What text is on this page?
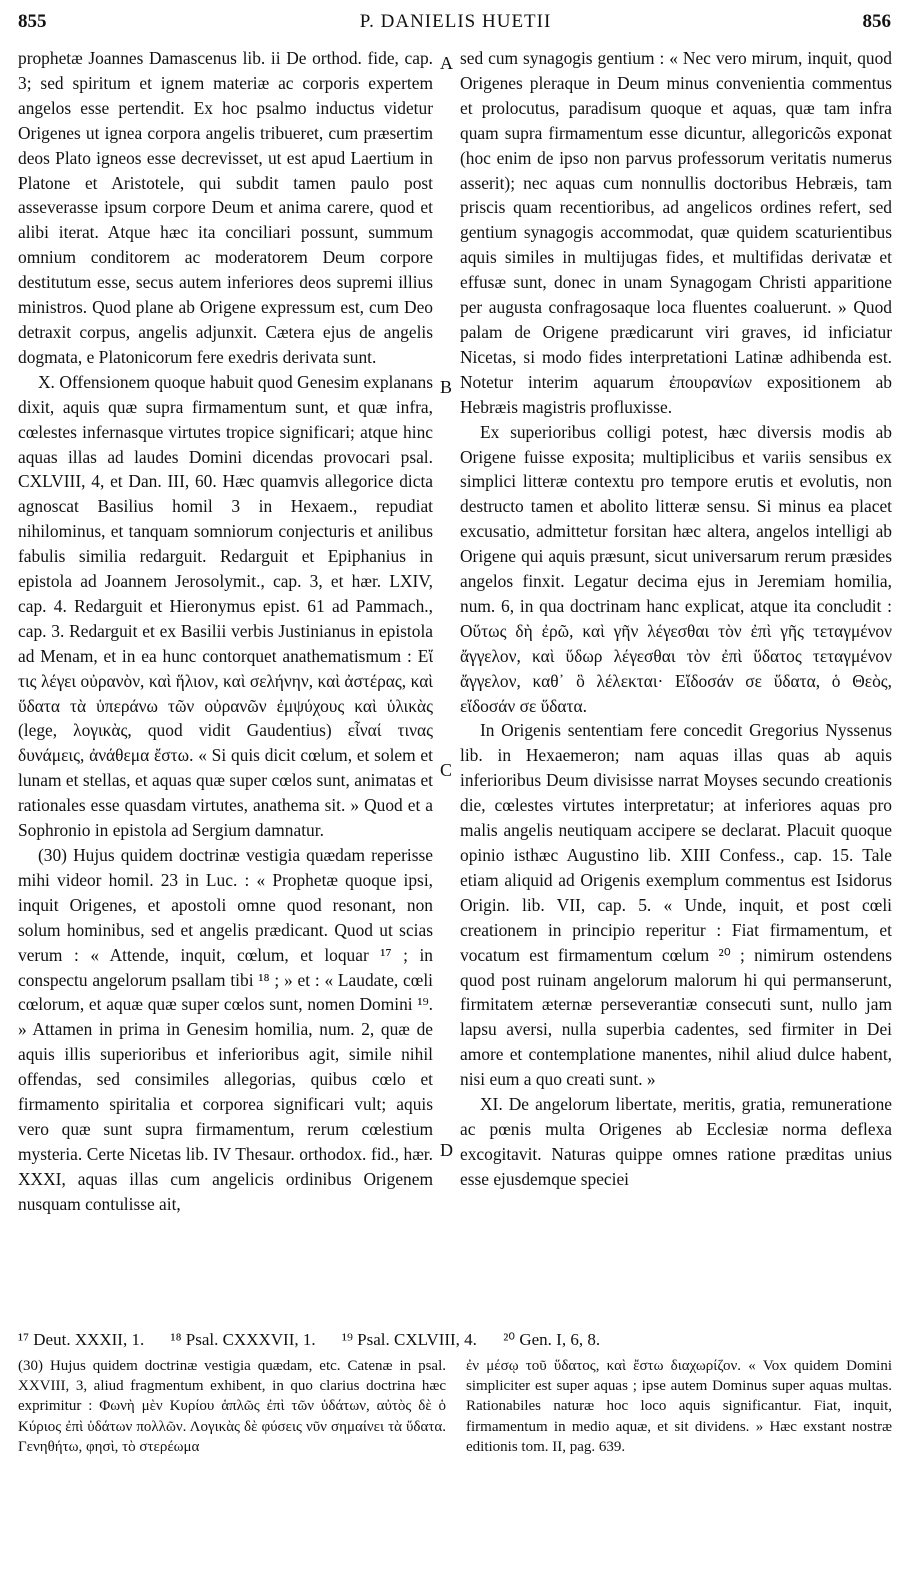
855	P. DANIELIS HUETII	856
A
B
C
D

prophetæ Joannes Damascenus lib. ii De orthod. fide, cap. 3; sed spiritum et ignem materiæ ac corporis expertem angelos esse pertendit. Ex hoc psalmo inductus videtur Origenes ut ignea corpora angelis tribueret, cum præsertim deos Plato igneos esse decrevisset, ut est apud Laertium in Platone et Aristotele, qui subdit tamen paulo post asseverasse ipsum corpore Deum et anima carere, quod et alibi iterat. Atque hæc ita conciliari possunt, summum omnium conditorem ac moderatorem Deum corpore destitutum esse, secus autem inferiores deos supremi illius ministros. Quod plane ab Origene expressum est, cum Deo detraxit corpus, angelis adjunxit. Cætera ejus de angelis dogmata, e Platonicorum fere exedris derivata sunt.

X. Offensionem quoque habuit quod Genesim explanans dixit, aquis quæ supra firmamentum sunt, et quæ infra, cœlestes infernasque virtutes tropice significari; atque hinc aquas illas ad laudes Domini dicendas provocari psal. CXLVIII, 4, et Dan. III, 60. Hæc quamvis allegorice dicta agnoscat Basilius homil 3 in Hexaem., repudiat nihilominus, et tanquam somniorum conjecturis et anilibus fabulis similia redarguit. Redarguit et Epiphanius in epistola ad Joannem Jerosolymit., cap. 3, et hær. LXIV, cap. 4. Redarguit et Hieronymus epist. 61 ad Pammach., cap. 3. Redarguit et ex Basilii verbis Justinianus in epistola ad Menam, et in ea hunc contorquet anathematismum : Εἴ τις λέγει οὐρανὸν, καὶ ἥλιον, καὶ σελήνην, καὶ ἀστέρας, καὶ ὕδατα τὰ ὑπεράνω τῶν οὐρανῶν ἐμψύχους καὶ ὑλικὰς (lege, λογικὰς, quod vidit Gaudentius) εἶναί τινας δυνάμεις, ἀνάθεμα ἔστω. « Si quis dicit cœlum, et solem et lunam et stellas, et aquas quæ super cœlos sunt, animatas et rationales esse quasdam virtutes, anathema sit. » Quod et a Sophronio in epistola ad Sergium damnatur.

(30) Hujus quidem doctrinæ vestigia quædam reperisse mihi videor homil. 23 in Luc. : « Prophetæ quoque ipsi, inquit Origenes, et apostoli omne quod resonant, non solum hominibus, sed et angelis prædicant. Quod ut scias verum : « Attende, inquit, cœlum, et loquar ¹⁷ ; in conspectu angelorum psallam tibi ¹⁸ ; » et : « Laudate, cœli cœlorum, et aquæ quæ super cœlos sunt, nomen Domini ¹⁹. » Attamen in prima in Genesim homilia, num. 2, quæ de aquis illis superioribus et inferioribus agit, simile nihil offendas, sed consimiles allegorias, quibus cœlo et firmamento spiritalia et corporea significari vult; aquis vero quæ sunt supra firmamentum, rerum cœlestium mysteria. Certe Nicetas lib. IV Thesaur. orthodox. fid., hær. XXXI, aquas illas cum angelicis ordinibus Origenem nusquam contulisse ait,

sed cum synagogis gentium : « Nec vero mirum, inquit, quod Origenes pleraque in Deum minus convenientia commentus et prolocutus, paradisum quoque et aquas, quæ tam infra quam supra firmamentum esse dicuntur, allegoricῶs exponat (hoc enim de ipso non parvus professorum veritatis numerus asserit); nec aquas cum nonnullis doctoribus Hebræis, tam priscis quam recentioribus, ad angelicos ordines refert, sed gentium synagogis accommodat, quæ quidem scaturientibus aquis similes in multijugas fides, et multifidas derivatæ et effusæ sunt, donec in unam Synagogam Christi apparitione per augusta confragosaque loca fluentes coaluerunt. » Quod palam de Origene prædicarunt viri graves, id inficiatur Nicetas, si modo fides interpretationi Latinæ adhibenda est. Notetur interim aquarum ἐπουρανίων expositionem ab Hebræis magistris profluxisse.

Ex superioribus colligi potest, hæc diversis modis ab Origene fuisse exposita; multiplicibus et variis sensibus ex simplici litteræ contextu pro tempore erutis et evolutis, non destructo tamen et abolito litteræ sensu. Si minus ea placet excusatio, admittetur forsitan hæc altera, angelos intelligi ab Origene qui aquis præsunt, sicut universarum rerum præsides angelos finxit. Legatur decima ejus in Jeremiam homilia, num. 6, in qua doctrinam hanc explicat, atque ita concludit : Οὕτως δὴ ἐρῶ, καὶ γῆν λέγεσθαι τὸν ἐπὶ γῆς τεταγμένον ἄγγελον, καὶ ὕδωρ λέγεσθαι τὸν ἐπὶ ὕδατος τεταγμένον ἄγγελον, καθ᾽ ὃ λέλεκται· Εἴδοσάν σε ὕδατα, ὁ Θεὸς, εἴδοσάν σε ὕδατα.

In Origenis sententiam fere concedit Gregorius Nyssenus lib. in Hexaemeron; nam aquas illas quas ab aquis inferioribus Deum divisisse narrat Moyses secundo creationis die, cœlestes virtutes interpretatur; at inferiores aquas pro malis angelis neutiquam accipere se declarat. Placuit quoque opinio isthæc Augustino lib. XIII Confess., cap. 15. Tale etiam aliquid ad Origenis exemplum commentus est Isidorus Origin. lib. VII, cap. 5. « Unde, inquit, et post cœli creationem in principio reperitur : Fiat firmamentum, et vocatum est firmamentum cœlum ²⁰ ; nimirum ostendens quod post ruinam angelorum malorum hi qui permanserunt, firmitatem æternæ perseverantiæ consecuti sunt, nullo jam lapsu aversi, nulla superbia cadentes, sed firmiter in Dei amore et contemplatione manentes, nihil aliud dulce habent, nisi eum a quo creati sunt. »

XI. De angelorum libertate, meritis, gratia, remuneratione ac pœnis multa Origenes ab Ecclesiæ norma deflexa excogitavit. Naturas quippe omnes ratione præditas unius esse ejusdemque speciei

¹⁷ Deut. XXXII, 1. ¹⁸ Psal. CXXXVII, 1. ¹⁹ Psal. CXLVIII, 4. ²⁰ Gen. I, 6, 8.

(30) Hujus quidem doctrinæ vestigia quædam, etc. Catenæ in psal. XXVIII, 3, aliud fragmentum exhibent, in quo clarius doctrina hæc exprimitur : Φωνὴ μὲν Κυρίου ἁπλῶς ἐπὶ τῶν ὑδάτων, αὐτὸς δὲ ὁ Κύριος ἐπὶ ὑδάτων πολλῶν. Λογικὰς δὲ φύσεις νῦν σημαίνει τὰ ὕδατα. Γενηθήτω, φησὶ, τὸ στερέωμα

ἐν μέσῳ τοῦ ὕδατος, καὶ ἔστω διαχωρίζον. « Vox quidem Domini simpliciter est super aquas ; ipse autem Dominus super aquas multas. Rationabiles naturæ hoc loco aquis significantur. Fiat, inquit, firmamentum in medio aquæ, et sit dividens. » Hæc exstant nostræ editionis tom. II, pag. 639.
